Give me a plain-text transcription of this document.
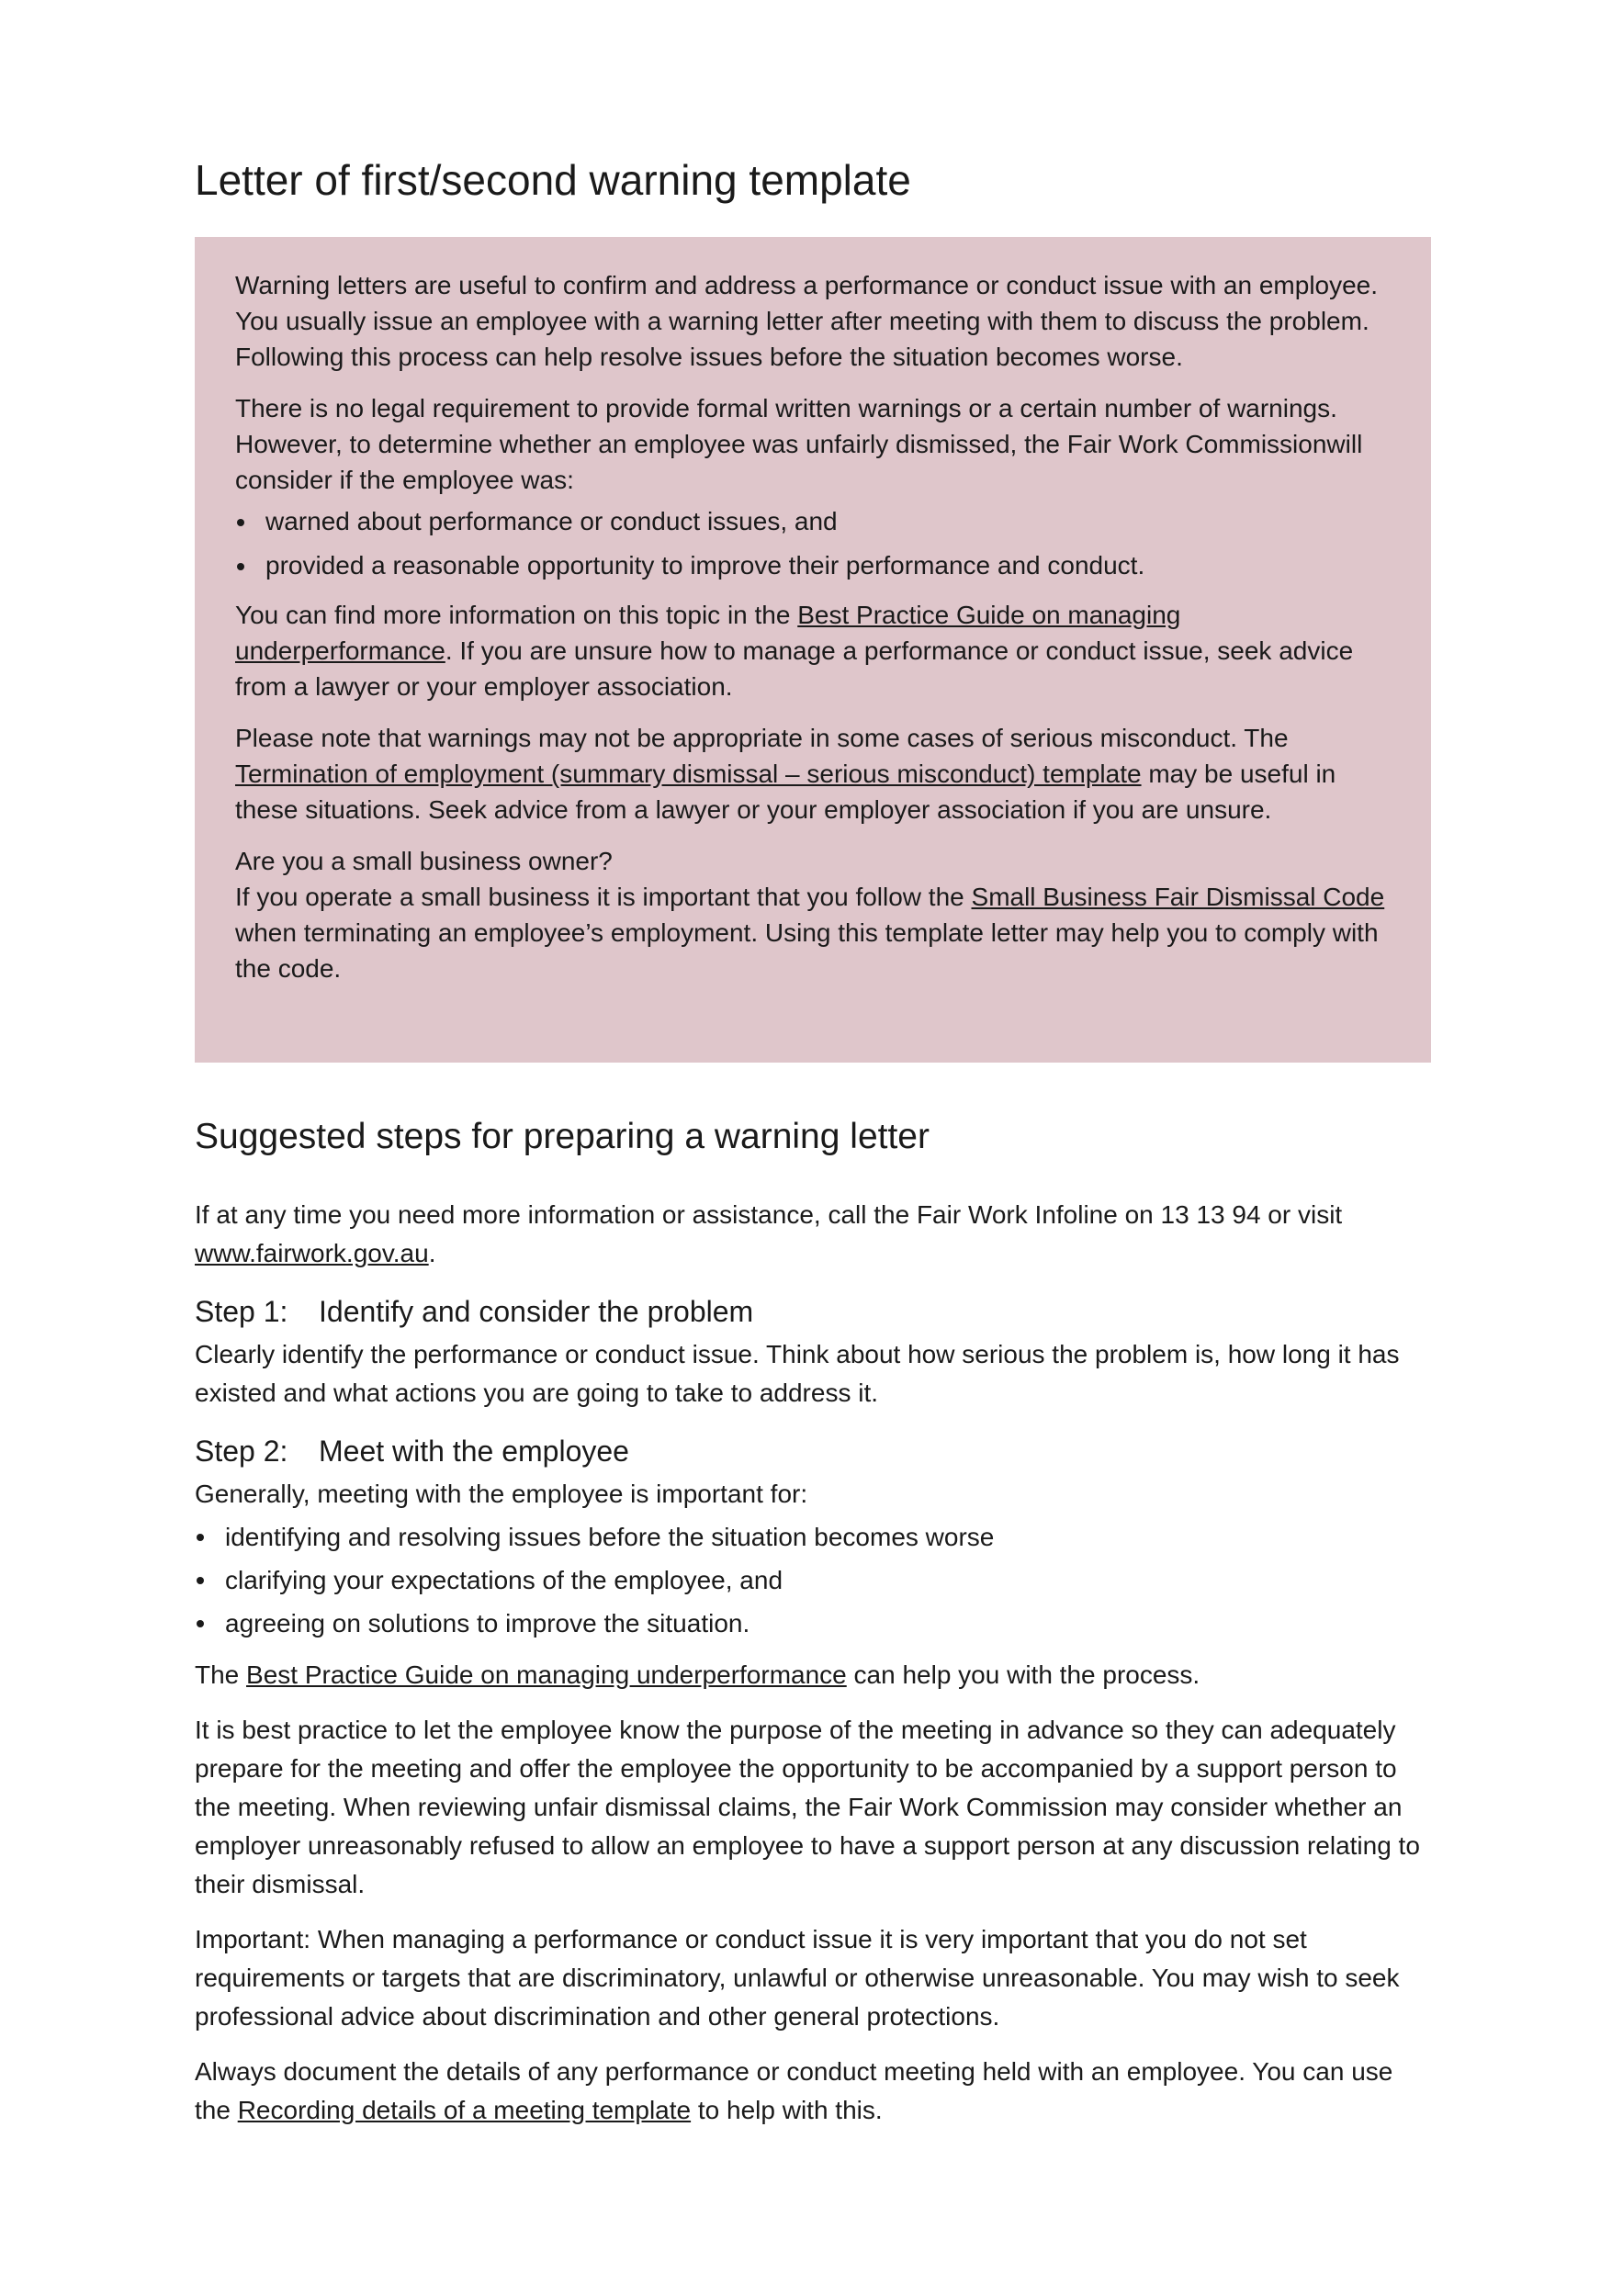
Letter of first/second warning template

Warning letters are useful to confirm and address a performance or conduct issue with an employee. You usually issue an employee with a warning letter after meeting with them to discuss the problem. Following this process can help resolve issues before the situation becomes worse.

There is no legal requirement to provide formal written warnings or a certain number of warnings. However, to determine whether an employee was unfairly dismissed, the Fair Work Commissionwill consider if the employee was:

warned about performance or conduct issues, and
provided a reasonable opportunity to improve their performance and conduct.

You can find more information on this topic in the Best Practice Guide on managing underperformance. If you are unsure how to manage a performance or conduct issue, seek advice from a lawyer or your employer association.

Please note that warnings may not be appropriate in some cases of serious misconduct. The Termination of employment (summary dismissal – serious misconduct) template may be useful in these situations. Seek advice from a lawyer or your employer association if you are unsure.

Are you a small business owner?

If you operate a small business it is important that you follow the Small Business Fair Dismissal Code when terminating an employee’s employment. Using this template letter may help you to comply with the code.

Suggested steps for preparing a warning letter

If at any time you need more information or assistance, call the Fair Work Infoline on 13 13 94 or visit www.fairwork.gov.au.

Step 1:	Identify and consider the problem

Clearly identify the performance or conduct issue. Think about how serious the problem is, how long it has existed and what actions you are going to take to address it.

Step 2:	Meet with the employee

Generally, meeting with the employee is important for:

identifying and resolving issues before the situation becomes worse
clarifying your expectations of the employee, and
agreeing on solutions to improve the situation.

The Best Practice Guide on managing underperformance can help you with the process.

It is best practice to let the employee know the purpose of the meeting in advance so they can adequately prepare for the meeting and offer the employee the opportunity to be accompanied by a support person to the meeting. When reviewing unfair dismissal claims, the Fair Work Commission may consider whether an employer unreasonably refused to allow an employee to have a support person at any discussion relating to their dismissal.

Important: When managing a performance or conduct issue it is very important that you do not set requirements or targets that are discriminatory, unlawful or otherwise unreasonable. You may wish to seek professional advice about discrimination and other general protections.

Always document the details of any performance or conduct meeting held with an employee. You can use the Recording details of a meeting template to help with this.
